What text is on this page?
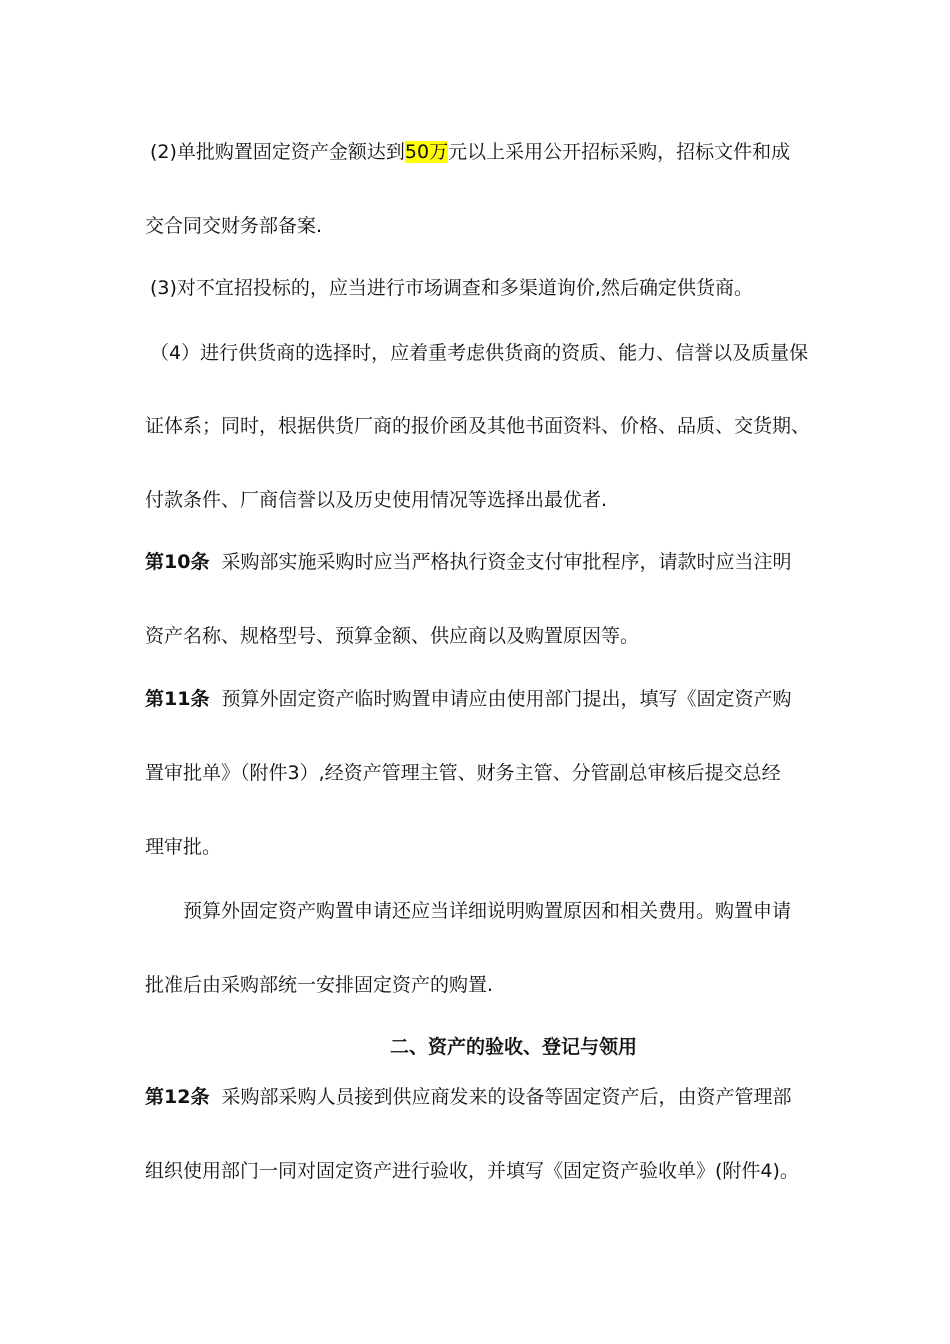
(2)单批购置固定资产金额达到50万元以上采用公开招标采购，招标文件和成
交合同交财务部备案.
(3)对不宜招投标的，应当进行市场调查和多渠道询价,然后确定供货商。
（4）进行供货商的选择时，应着重考虑供货商的资质、能力、信誉以及质量保
证体系；同时，根据供货厂商的报价函及其他书面资料、价格、品质、交货期、
付款条件、厂商信誉以及历史使用情况等选择出最优者.
第10条 采购部实施采购时应当严格执行资金支付审批程序，请款时应当注明
资产名称、规格型号、预算金额、供应商以及购置原因等。
第11条 预算外固定资产临时购置申请应由使用部门提出，填写《固定资产购
置审批单》（附件3）,经资产管理主管、财务主管、分管副总审核后提交总经
理审批。
预算外固定资产购置申请还应当详细说明购置原因和相关费用。购置申请
批准后由采购部统一安排固定资产的购置.
二、资产的验收、登记与领用
第12条 采购部采购人员接到供应商发来的设备等固定资产后，由资产管理部
组织使用部门一同对固定资产进行验收，并填写《固定资产验收单》(附件4)。
